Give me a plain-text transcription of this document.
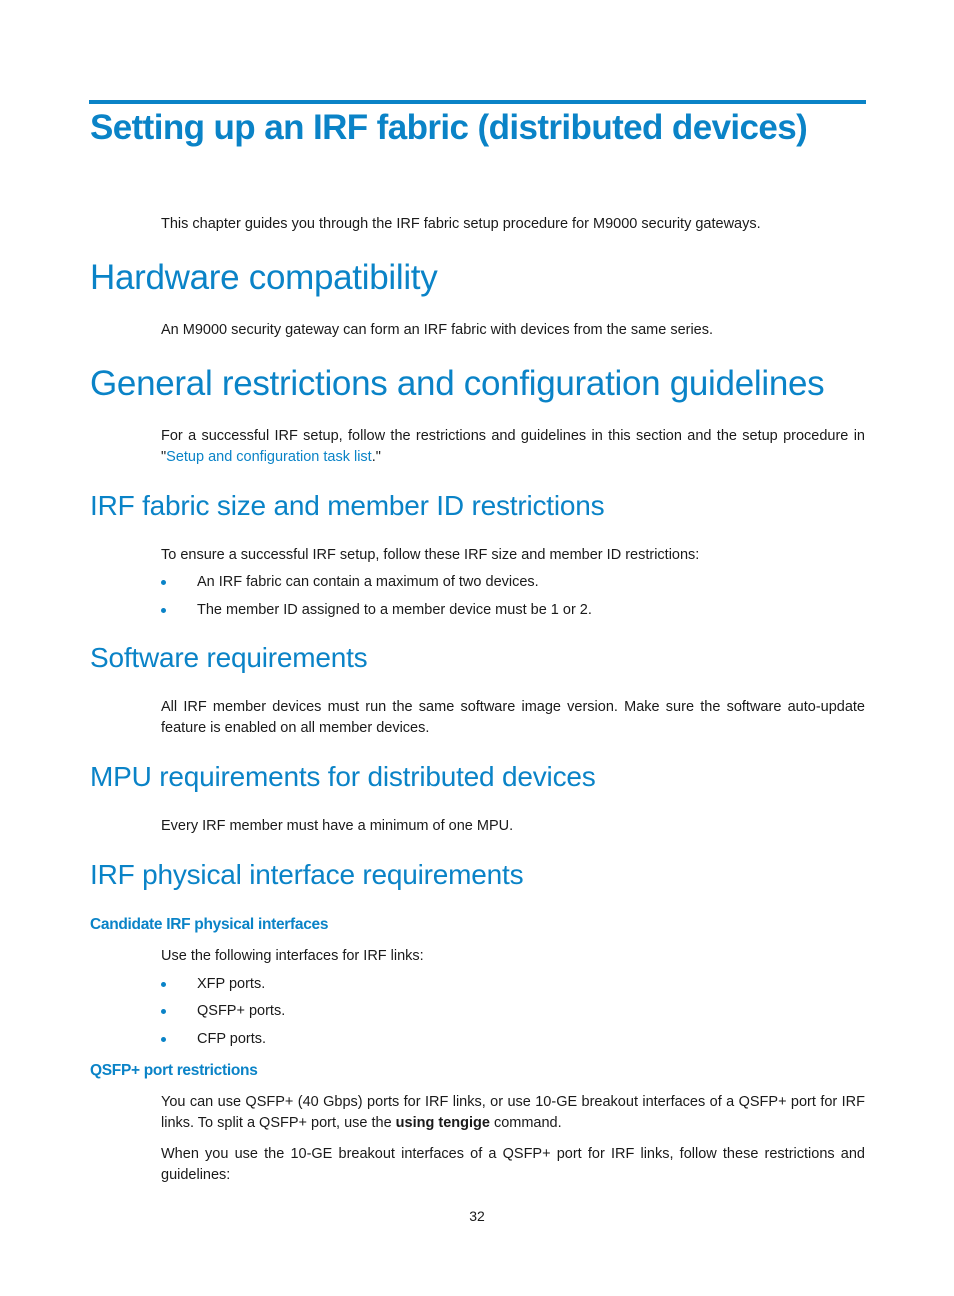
Setting up an IRF fabric (distributed devices)

This chapter guides you through the IRF fabric setup procedure for M9000 security gateways.

Hardware compatibility

An M9000 security gateway can form an IRF fabric with devices from the same series.

General restrictions and configuration guidelines

For a successful IRF setup, follow the restrictions and guidelines in this section and the setup procedure in "Setup and configuration task list."

IRF fabric size and member ID restrictions

To ensure a successful IRF setup, follow these IRF size and member ID restrictions:

An IRF fabric can contain a maximum of two devices.
The member ID assigned to a member device must be 1 or 2.
Software requirements

All IRF member devices must run the same software image version. Make sure the software auto-update feature is enabled on all member devices.

MPU requirements for distributed devices

Every IRF member must have a minimum of one MPU.

IRF physical interface requirements
Candidate IRF physical interfaces

Use the following interfaces for IRF links:

XFP ports.
QSFP+ ports.
CFP ports.
QSFP+ port restrictions

You can use QSFP+ (40 Gbps) ports for IRF links, or use 10-GE breakout interfaces of a QSFP+ port for IRF links. To split a QSFP+ port, use the using tengige command.

When you use the 10-GE breakout interfaces of a QSFP+ port for IRF links, follow these restrictions and guidelines:

32
